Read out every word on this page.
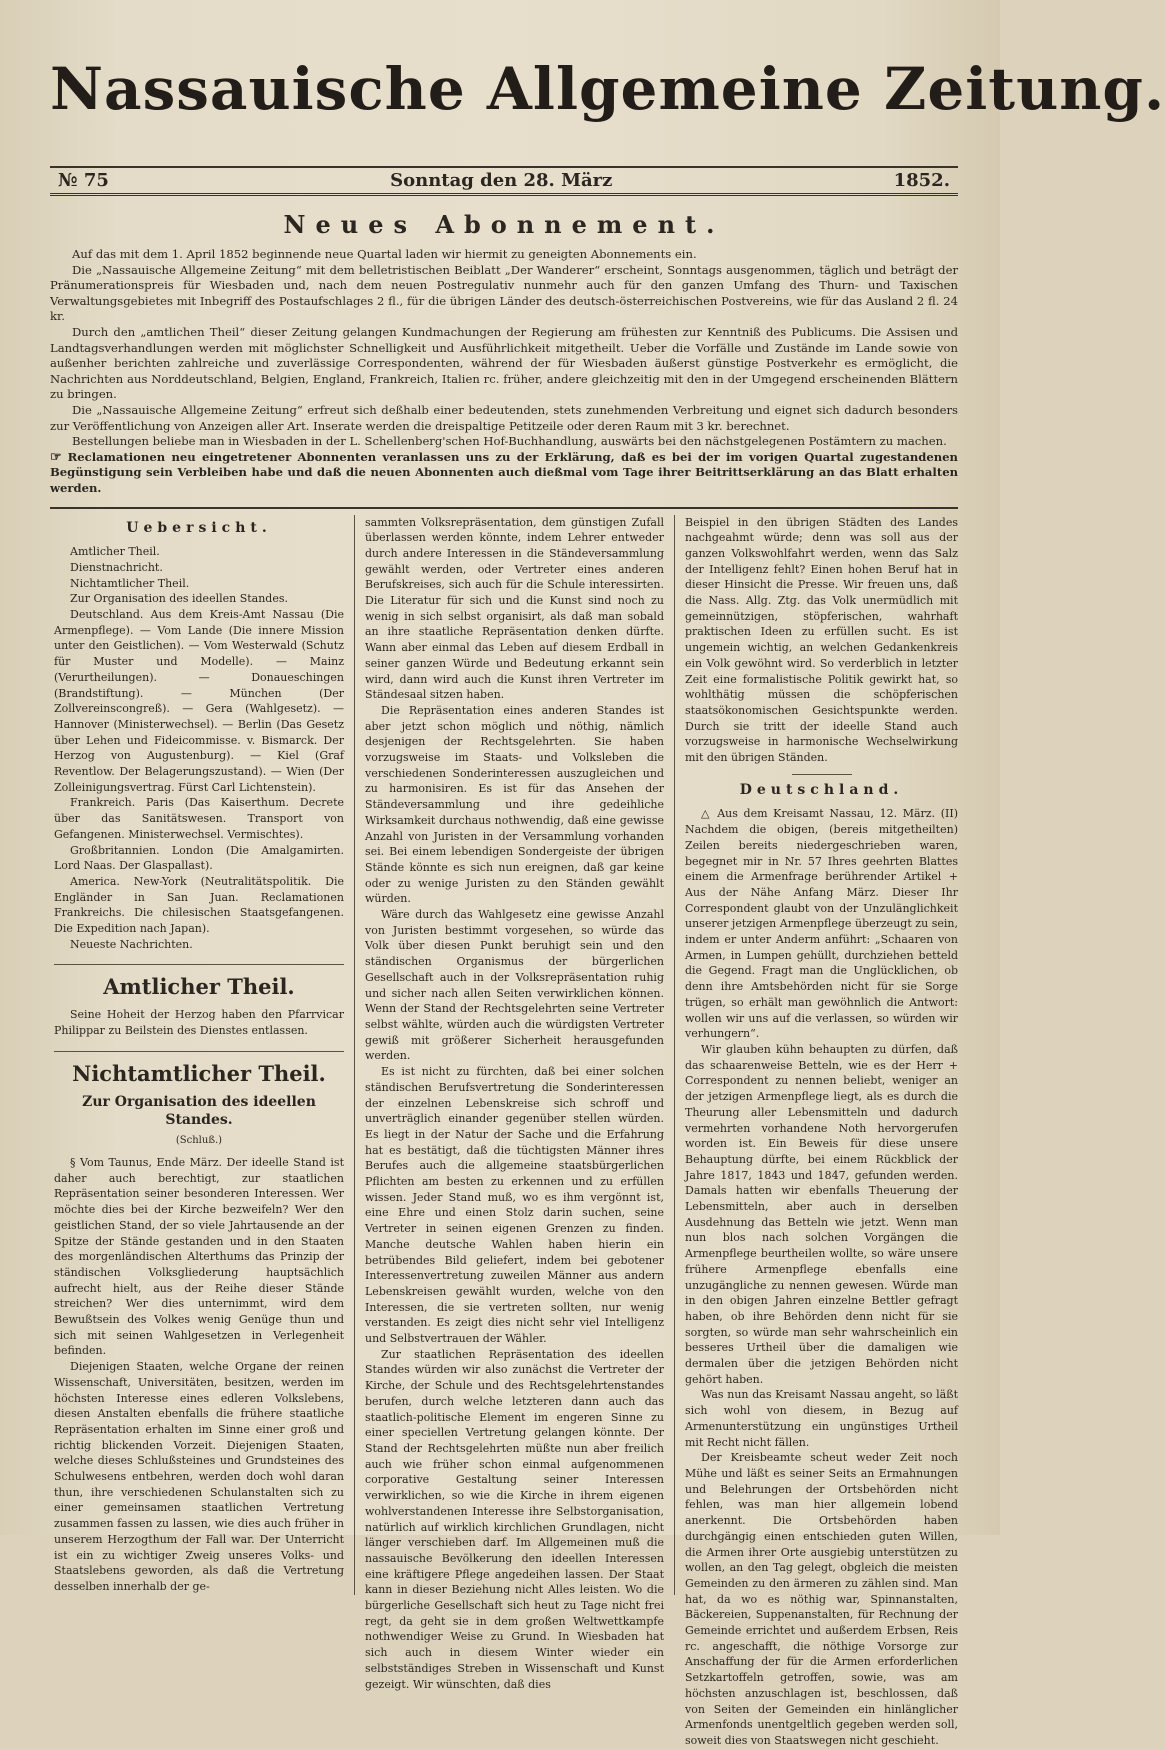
Nassauische Allgemeine Zeitung.
№ 75	Sonntag den 28. März	1852.
Neues Abonnement.

Auf das mit dem 1. April 1852 beginnende neue Quartal laden wir hiermit zu geneigten Abonnements ein.

Die „Nassauische Allgemeine Zeitung“ mit dem belletristischen Beiblatt „Der Wanderer“ erscheint, Sonntags ausgenommen, täglich und beträgt der Pränumerationspreis für Wiesbaden und, nach dem neuen Postregulativ nunmehr auch für den ganzen Umfang des Thurn- und Taxischen Verwaltungsgebietes mit Inbegriff des Postaufschlages 2 fl., für die übrigen Länder des deutsch-österreichischen Postvereins, wie für das Ausland 2 fl. 24 kr.

Durch den „amtlichen Theil“ dieser Zeitung gelangen Kundmachungen der Regierung am frühesten zur Kenntniß des Publicums. Die Assisen und Landtagsverhandlungen werden mit möglichster Schnelligkeit und Ausführlichkeit mitgetheilt. Ueber die Vorfälle und Zustände im Lande sowie von außenher berichten zahlreiche und zuverlässige Correspondenten, während der für Wiesbaden äußerst günstige Postverkehr es ermöglicht, die Nachrichten aus Norddeutschland, Belgien, England, Frankreich, Italien rc. früher, andere gleichzeitig mit den in der Umgegend erscheinenden Blättern zu bringen.

Die „Nassauische Allgemeine Zeitung“ erfreut sich deßhalb einer bedeutenden, stets zunehmenden Verbreitung und eignet sich dadurch besonders zur Veröffentlichung von Anzeigen aller Art. Inserate werden die dreispaltige Petitzeile oder deren Raum mit 3 kr. berechnet.

Bestellungen beliebe man in Wiesbaden in der L. Schellenberg'schen Hof-Buchhandlung, auswärts bei den nächstgelegenen Postämtern zu machen.

☞ Reclamationen neu eingetretener Abonnenten veranlassen uns zu der Erklärung, daß es bei der im vorigen Quartal zugestandenen Begünstigung sein Verbleiben habe und daß die neuen Abonnenten auch dießmal vom Tage ihrer Beitrittserklärung an das Blatt erhalten werden.

Uebersicht.

Amtlicher Theil.

Dienstnachricht.

Nichtamtlicher Theil.

Zur Organisation des ideellen Standes.

Deutschland. Aus dem Kreis-Amt Nassau (Die Armenpflege). — Vom Lande (Die innere Mission unter den Geistlichen). — Vom Westerwald (Schutz für Muster und Modelle). — Mainz (Verurtheilungen). — Donaueschingen (Brandstiftung). — München (Der Zollvereinscongreß). — Gera (Wahlgesetz). — Hannover (Ministerwechsel). — Berlin (Das Gesetz über Lehen und Fideicommisse. v. Bismarck. Der Herzog von Augustenburg). — Kiel (Graf Reventlow. Der Belagerungszustand). — Wien (Der Zolleinigungsvertrag. Fürst Carl Lichtenstein).

Frankreich. Paris (Das Kaiserthum. Decrete über das Sanitätswesen. Transport von Gefangenen. Ministerwechsel. Vermischtes).

Großbritannien. London (Die Amalgamirten. Lord Naas. Der Glaspallast).

America. New-York (Neutralitätspolitik. Die Engländer in San Juan. Reclamationen Frankreichs. Die chilesischen Staatsgefangenen. Die Expedition nach Japan).

Neueste Nachrichten.

Amtlicher Theil.

Seine Hoheit der Herzog haben den Pfarrvicar Philippar zu Beilstein des Dienstes entlassen.

Nichtamtlicher Theil.
Zur Organisation des ideellen Standes.
(Schluß.)

§ Vom Taunus, Ende März. Der ideelle Stand ist daher auch berechtigt, zur staatlichen Repräsentation seiner besonderen Interessen. Wer möchte dies bei der Kirche bezweifeln? Wer den geistlichen Stand, der so viele Jahrtausende an der Spitze der Stände gestanden und in den Staaten des morgenländischen Alterthums das Prinzip der ständischen Volksgliederung hauptsächlich aufrecht hielt, aus der Reihe dieser Stände streichen? Wer dies unternimmt, wird dem Bewußtsein des Volkes wenig Genüge thun und sich mit seinen Wahlgesetzen in Verlegenheit befinden.

Diejenigen Staaten, welche Organe der reinen Wissenschaft, Universitäten, besitzen, werden im höchsten Interesse eines edleren Volkslebens, diesen Anstalten ebenfalls die frühere staatliche Repräsentation erhalten im Sinne einer groß und richtig blickenden Vorzeit. Diejenigen Staaten, welche dieses Schlußsteines und Grundsteines des Schulwesens entbehren, werden doch wohl daran thun, ihre verschiedenen Schulanstalten sich zu einer gemeinsamen staatlichen Vertretung zusammen fassen zu lassen, wie dies auch früher in unserem Herzogthum der Fall war. Der Unterricht ist ein zu wichtiger Zweig unseres Volks- und Staatslebens geworden, als daß die Vertretung desselben innerhalb der ge-

sammten Volksrepräsentation, dem günstigen Zufall überlassen werden könnte, indem Lehrer entweder durch andere Interessen in die Ständeversammlung gewählt werden, oder Vertreter eines anderen Berufskreises, sich auch für die Schule interessirten. Die Literatur für sich und die Kunst sind noch zu wenig in sich selbst organisirt, als daß man sobald an ihre staatliche Repräsentation denken dürfte. Wann aber einmal das Leben auf diesem Erdball in seiner ganzen Würde und Bedeutung erkannt sein wird, dann wird auch die Kunst ihren Vertreter im Ständesaal sitzen haben.

Die Repräsentation eines anderen Standes ist aber jetzt schon möglich und nöthig, nämlich desjenigen der Rechtsgelehrten. Sie haben vorzugsweise im Staats- und Volksleben die verschiedenen Sonderinteressen auszugleichen und zu harmonisiren. Es ist für das Ansehen der Ständeversammlung und ihre gedeihliche Wirksamkeit durchaus nothwendig, daß eine gewisse Anzahl von Juristen in der Versammlung vorhanden sei. Bei einem lebendigen Sondergeiste der übrigen Stände könnte es sich nun ereignen, daß gar keine oder zu wenige Juristen zu den Ständen gewählt würden.

Wäre durch das Wahlgesetz eine gewisse Anzahl von Juristen bestimmt vorgesehen, so würde das Volk über diesen Punkt beruhigt sein und den ständischen Organismus der bürgerlichen Gesellschaft auch in der Volksrepräsentation ruhig und sicher nach allen Seiten verwirklichen können. Wenn der Stand der Rechtsgelehrten seine Vertreter selbst wählte, würden auch die würdigsten Vertreter gewiß mit größerer Sicherheit herausgefunden werden.

Es ist nicht zu fürchten, daß bei einer solchen ständischen Berufsvertretung die Sonderinteressen der einzelnen Lebenskreise sich schroff und unverträglich einander gegenüber stellen würden. Es liegt in der Natur der Sache und die Erfahrung hat es bestätigt, daß die tüchtigsten Männer ihres Berufes auch die allgemeine staatsbürgerlichen Pflichten am besten zu erkennen und zu erfüllen wissen. Jeder Stand muß, wo es ihm vergönnt ist, eine Ehre und einen Stolz darin suchen, seine Vertreter in seinen eigenen Grenzen zu finden. Manche deutsche Wahlen haben hierin ein betrübendes Bild geliefert, indem bei gebotener Interessenvertretung zuweilen Männer aus andern Lebenskreisen gewählt wurden, welche von den Interessen, die sie vertreten sollten, nur wenig verstanden. Es zeigt dies nicht sehr viel Intelligenz und Selbstvertrauen der Wähler.

Zur staatlichen Repräsentation des ideellen Standes würden wir also zunächst die Vertreter der Kirche, der Schule und des Rechtsgelehrtenstandes berufen, durch welche letzteren dann auch das staatlich-politische Element im engeren Sinne zu einer speciellen Vertretung gelangen könnte. Der Stand der Rechtsgelehrten müßte nun aber freilich auch wie früher schon einmal aufgenommenen corporative Gestaltung seiner Interessen verwirklichen, so wie die Kirche in ihrem eigenen wohlverstandenen Interesse ihre Selbstorganisation, natürlich auf wirklich kirchlichen Grundlagen, nicht länger verschieben darf. Im Allgemeinen muß die nassauische Bevölkerung den ideellen Interessen eine kräftigere Pflege angedeihen lassen. Der Staat kann in dieser Beziehung nicht Alles leisten. Wo die bürgerliche Gesellschaft sich heut zu Tage nicht frei regt, da geht sie in dem großen Weltwettkampfe nothwendiger Weise zu Grund. In Wiesbaden hat sich auch in diesem Winter wieder ein selbstständiges Streben in Wissenschaft und Kunst gezeigt. Wir wünschten, daß dies

Beispiel in den übrigen Städten des Landes nachgeahmt würde; denn was soll aus der ganzen Volkswohlfahrt werden, wenn das Salz der Intelligenz fehlt? Einen hohen Beruf hat in dieser Hinsicht die Presse. Wir freuen uns, daß die Nass. Allg. Ztg. das Volk unermüdlich mit gemeinnützigen, stöpferischen, wahrhaft praktischen Ideen zu erfüllen sucht. Es ist ungemein wichtig, an welchen Gedankenkreis ein Volk gewöhnt wird. So verderblich in letzter Zeit eine formalistische Politik gewirkt hat, so wohlthätig müssen die schöpferischen staatsökonomischen Gesichtspunkte werden. Durch sie tritt der ideelle Stand auch vorzugsweise in harmonische Wechselwirkung mit den übrigen Ständen.

Deutschland.

△ Aus dem Kreisamt Nassau, 12. März. (II) Nachdem die obigen, (bereis mitgetheilten) Zeilen bereits niedergeschrieben waren, begegnet mir in Nr. 57 Ihres geehrten Blattes einem die Armenfrage berührender Artikel + Aus der Nähe Anfang März. Dieser Ihr Correspondent glaubt von der Unzulänglichkeit unserer jetzigen Armenpflege überzeugt zu sein, indem er unter Anderm anführt: „Schaaren von Armen, in Lumpen gehüllt, durchziehen betteld die Gegend. Fragt man die Unglücklichen, ob denn ihre Amtsbehörden nicht für sie Sorge trügen, so erhält man gewöhnlich die Antwort: wollen wir uns auf die verlassen, so würden wir verhungern“.

Wir glauben kühn behaupten zu dürfen, daß das schaarenweise Betteln, wie es der Herr + Correspondent zu nennen beliebt, weniger an der jetzigen Armenpflege liegt, als es durch die Theurung aller Lebensmitteln und dadurch vermehrten vorhandene Noth hervorgerufen worden ist. Ein Beweis für diese unsere Behauptung dürfte, bei einem Rückblick der Jahre 1817, 1843 und 1847, gefunden werden. Damals hatten wir ebenfalls Theuerung der Lebensmitteln, aber auch in derselben Ausdehnung das Betteln wie jetzt. Wenn man nun blos nach solchen Vorgängen die Armenpflege beurtheilen wollte, so wäre unsere frühere Armenpflege ebenfalls eine unzugängliche zu nennen gewesen. Würde man in den obigen Jahren einzelne Bettler gefragt haben, ob ihre Behörden denn nicht für sie sorgten, so würde man sehr wahrscheinlich ein besseres Urtheil über die damaligen wie dermalen über die jetzigen Behörden nicht gehört haben.

Was nun das Kreisamt Nassau angeht, so läßt sich wohl von diesem, in Bezug auf Armenunterstützung ein ungünstiges Urtheil mit Recht nicht fällen.

Der Kreisbeamte scheut weder Zeit noch Mühe und läßt es seiner Seits an Ermahnungen und Belehrungen der Ortsbehörden nicht fehlen, was man hier allgemein lobend anerkennt. Die Ortsbehörden haben durchgängig einen entschieden guten Willen, die Armen ihrer Orte ausgiebig unterstützen zu wollen, an den Tag gelegt, obgleich die meisten Gemeinden zu den ärmeren zu zählen sind. Man hat, da wo es nöthig war, Spinnanstalten, Bäckereien, Suppenanstalten, für Rechnung der Gemeinde errichtet und außerdem Erbsen, Reis rc. angeschafft, die nöthige Vorsorge zur Anschaffung der für die Armen erforderlichen Setzkartoffeln getroffen, sowie, was am höchsten anzuschlagen ist, beschlossen, daß von Seiten der Gemeinden ein hinlänglicher Armenfonds unentgeltlich gegeben werden soll, soweit dies von Staatswegen nicht geschieht.
